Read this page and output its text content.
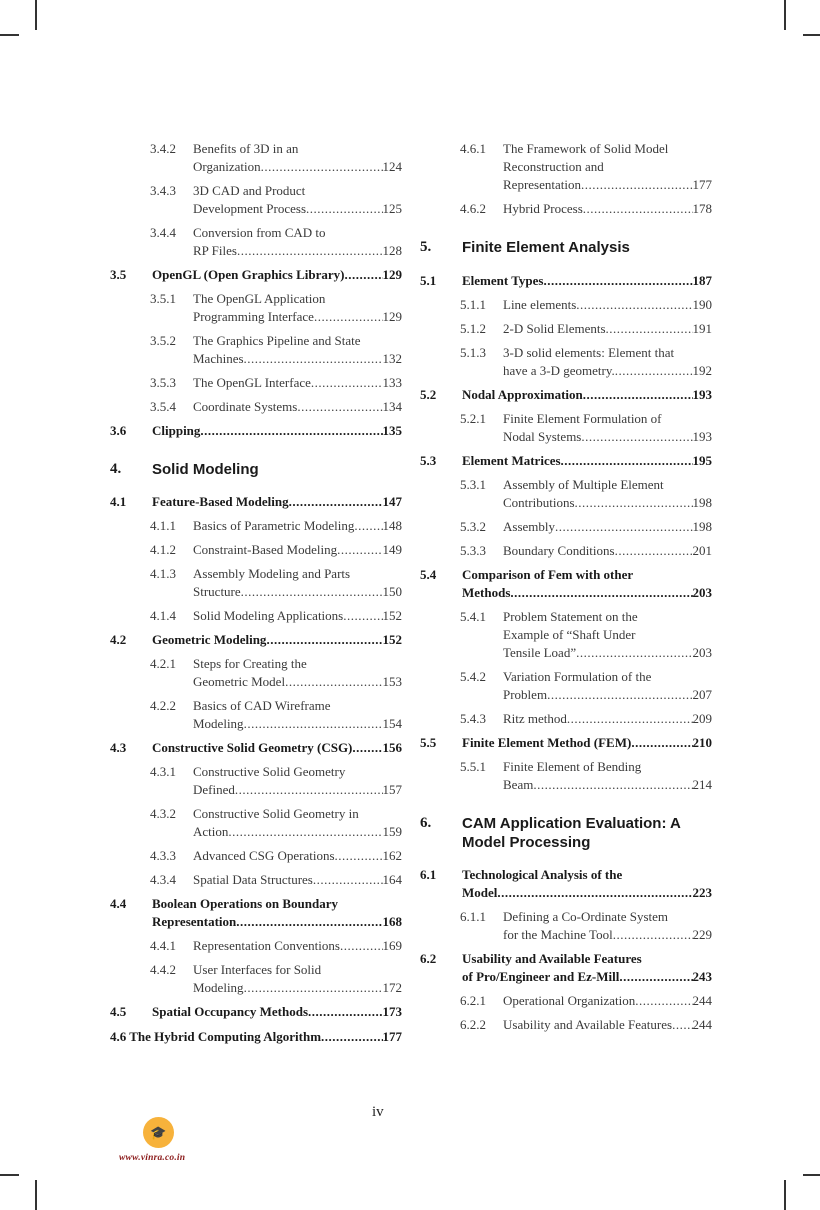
3.4.2 Benefits of 3D in an
Organization .....	124
3.4.3 3D CAD and Product
Development Process .....	125
3.4.4 Conversion from CAD to
RP Files .....	128
3.5 OpenGL (Open Graphics Library) .....	129
3.5.1 The OpenGL Application
Programming Interface .....	129
3.5.2 The Graphics Pipeline and State
Machines .....	132
3.5.3 The OpenGL Interface .....	133
3.5.4 Coordinate Systems .....	134
3.6 Clipping .....	135
4. Solid Modeling
4.1 Feature-Based Modeling .....	147
4.1.1 Basics of Parametric Modeling ..... 148
4.1.2 Constraint-Based Modeling .....	149
4.1.3 Assembly Modeling and Parts
Structure .....	150
4.1.4 Solid Modeling Applications .....	152
4.2 Geometric Modeling .....	152
4.2.1 Steps for Creating the
Geometric Model .....	153
4.2.2 Basics of CAD Wireframe
Modeling .....	154
4.3 Constructive Solid Geometry (CSG) ..... 156
4.3.1 Constructive Solid Geometry
Defined .....	157
4.3.2 Constructive Solid Geometry in
Action .....	159
4.3.3 Advanced CSG Operations .....	162
4.3.4 Spatial Data Structures .....	164
4.4 Boolean Operations on Boundary
Representation .....	168
4.4.1 Representation Conventions .....	169
4.4.2 User Interfaces for Solid
Modeling .....	172
4.5 Spatial Occupancy Methods .....	173
4.6 The Hybrid Computing Algorithm .....	177
4.6.1 The Framework of Solid Model
Reconstruction and
Representation .....	177
4.6.2 Hybrid Process .....	178
5. Finite Element Analysis
5.1 Element Types .....	187
5.1.1 Line elements .....	190
5.1.2 2-D Solid Elements .....	191
5.1.3 3-D solid elements: Element that
have a 3-D geometry. .....	192
5.2 Nodal Approximation .....	193
5.2.1 Finite Element Formulation of
Nodal Systems .....	193
5.3 Element Matrices .....	195
5.3.1 Assembly of Multiple Element
Contributions .....	198
5.3.2 Assembly .....	198
5.3.3 Boundary Conditions .....	201
5.4 Comparison of Fem with other
Methods .....	203
5.4.1 Problem Statement on the
Example of “Shaft Under
Tensile Load” .....	203
5.4.2 Variation Formulation of the
Problem .....	207
5.4.3 Ritz method .....	209
5.5 Finite Element Method (FEM) .....	210
5.5.1 Finite Element of Bending
Beam .....	214
6. CAM Application Evaluation: A
Model Processing
6.1 Technological Analysis of the
Model .....	223
6.1.1 Defining a Co-Ordinate System
for the Machine Tool .....	229
6.2 Usability and Available Features
of Pro/Engineer and Ez-Mill .....	243
6.2.1 Operational Organization .....	244
6.2.2 Usability and Available Features ..... 244
iv
🎓
www.vinra.co.in
